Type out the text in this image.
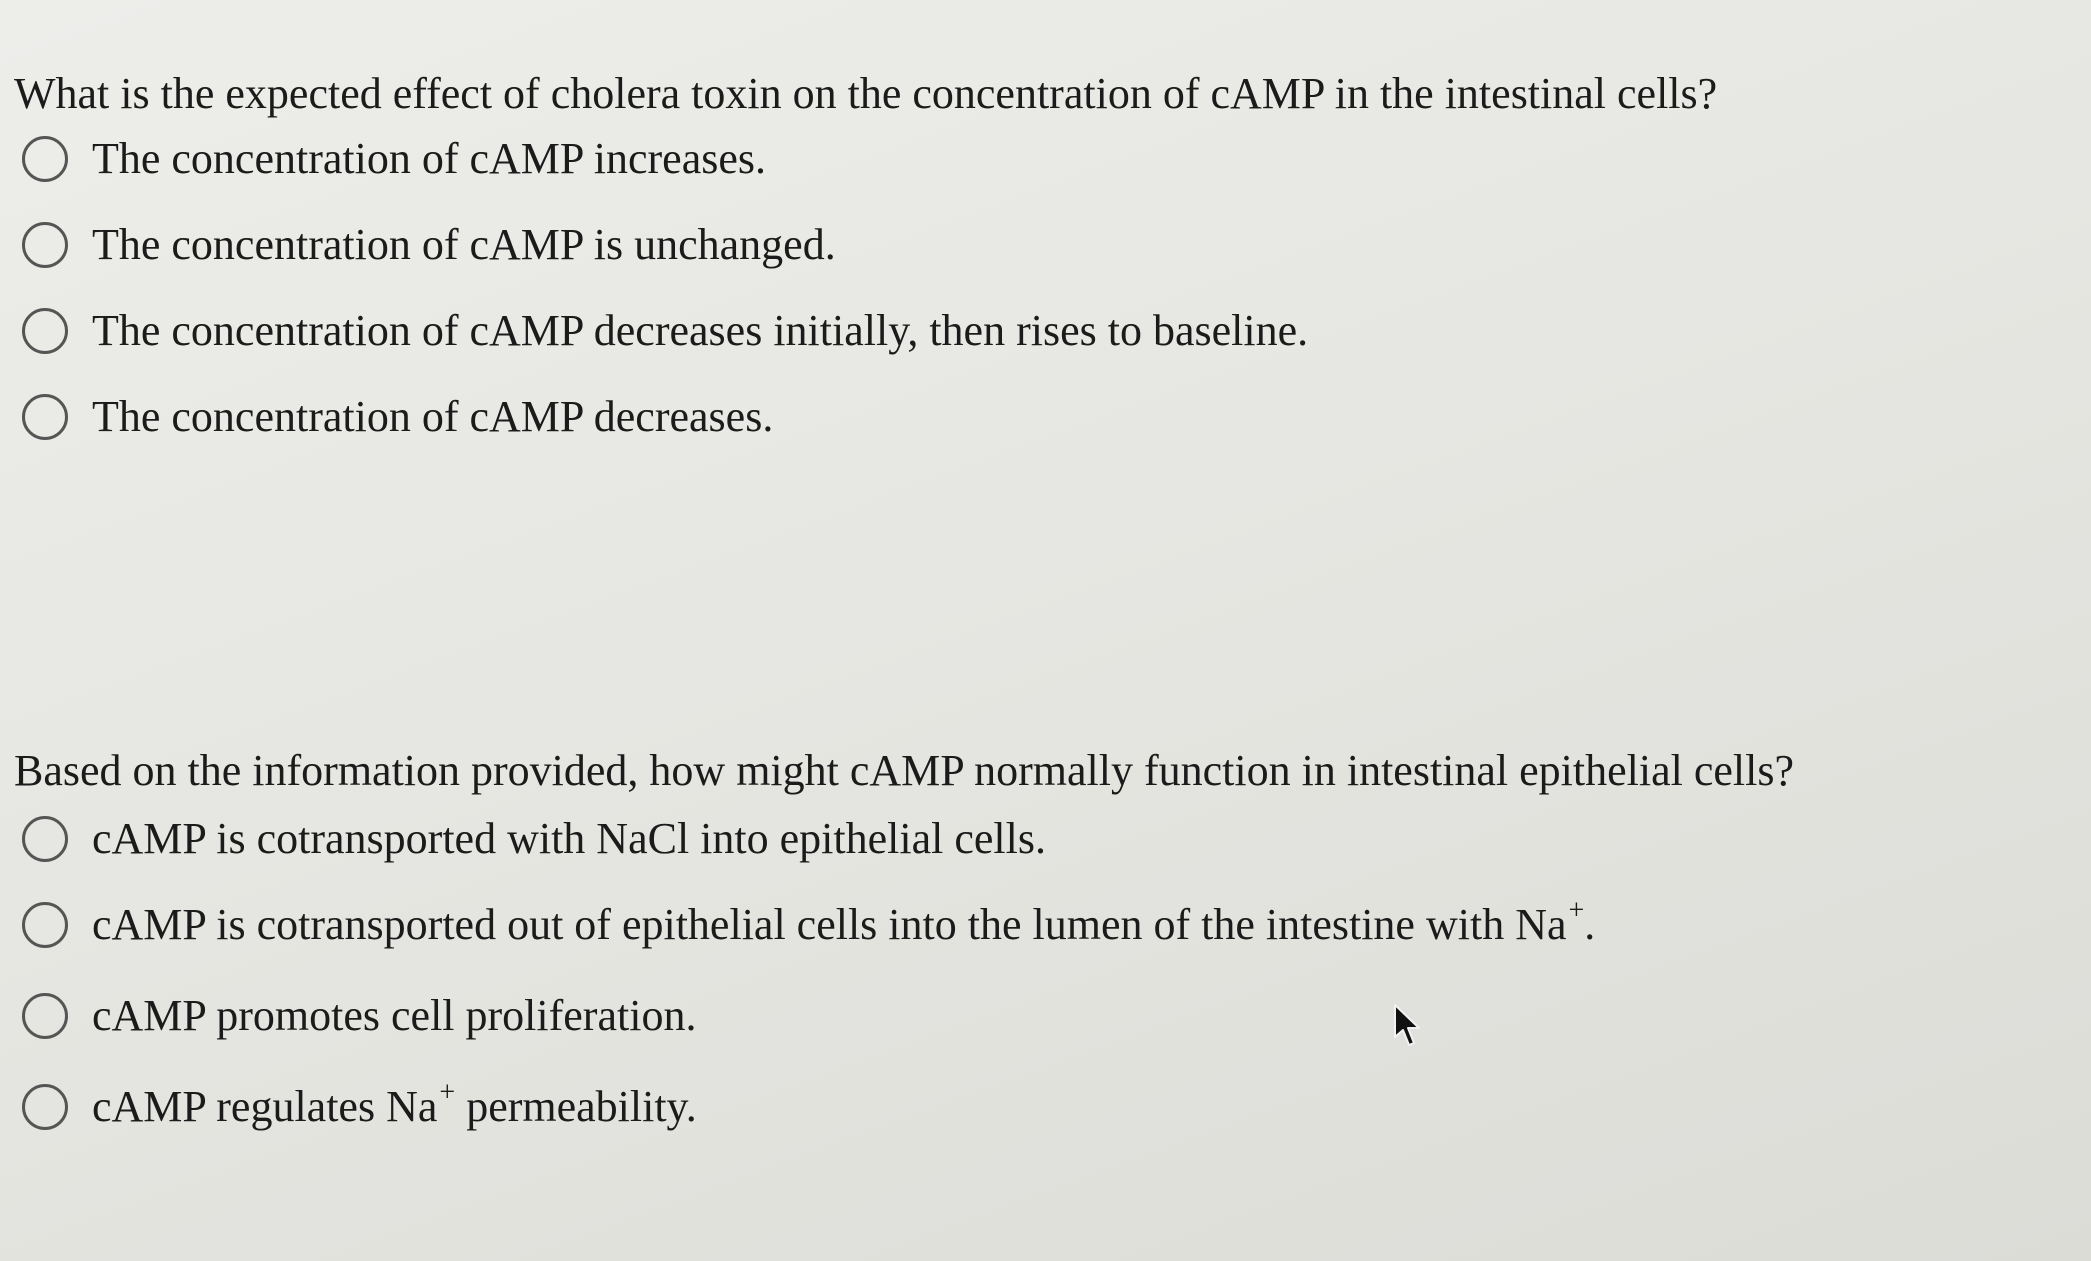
What is the expected effect of cholera toxin on the concentration of cAMP in the intestinal cells?
The concentration of cAMP increases.
The concentration of cAMP is unchanged.
The concentration of cAMP decreases initially, then rises to baseline.
The concentration of cAMP decreases.
Based on the information provided, how might cAMP normally function in intestinal epithelial cells?
cAMP is cotransported with NaCl into epithelial cells.
cAMP is cotransported out of epithelial cells into the lumen of the intestine with Na+.
cAMP promotes cell proliferation.
cAMP regulates Na+ permeability.
